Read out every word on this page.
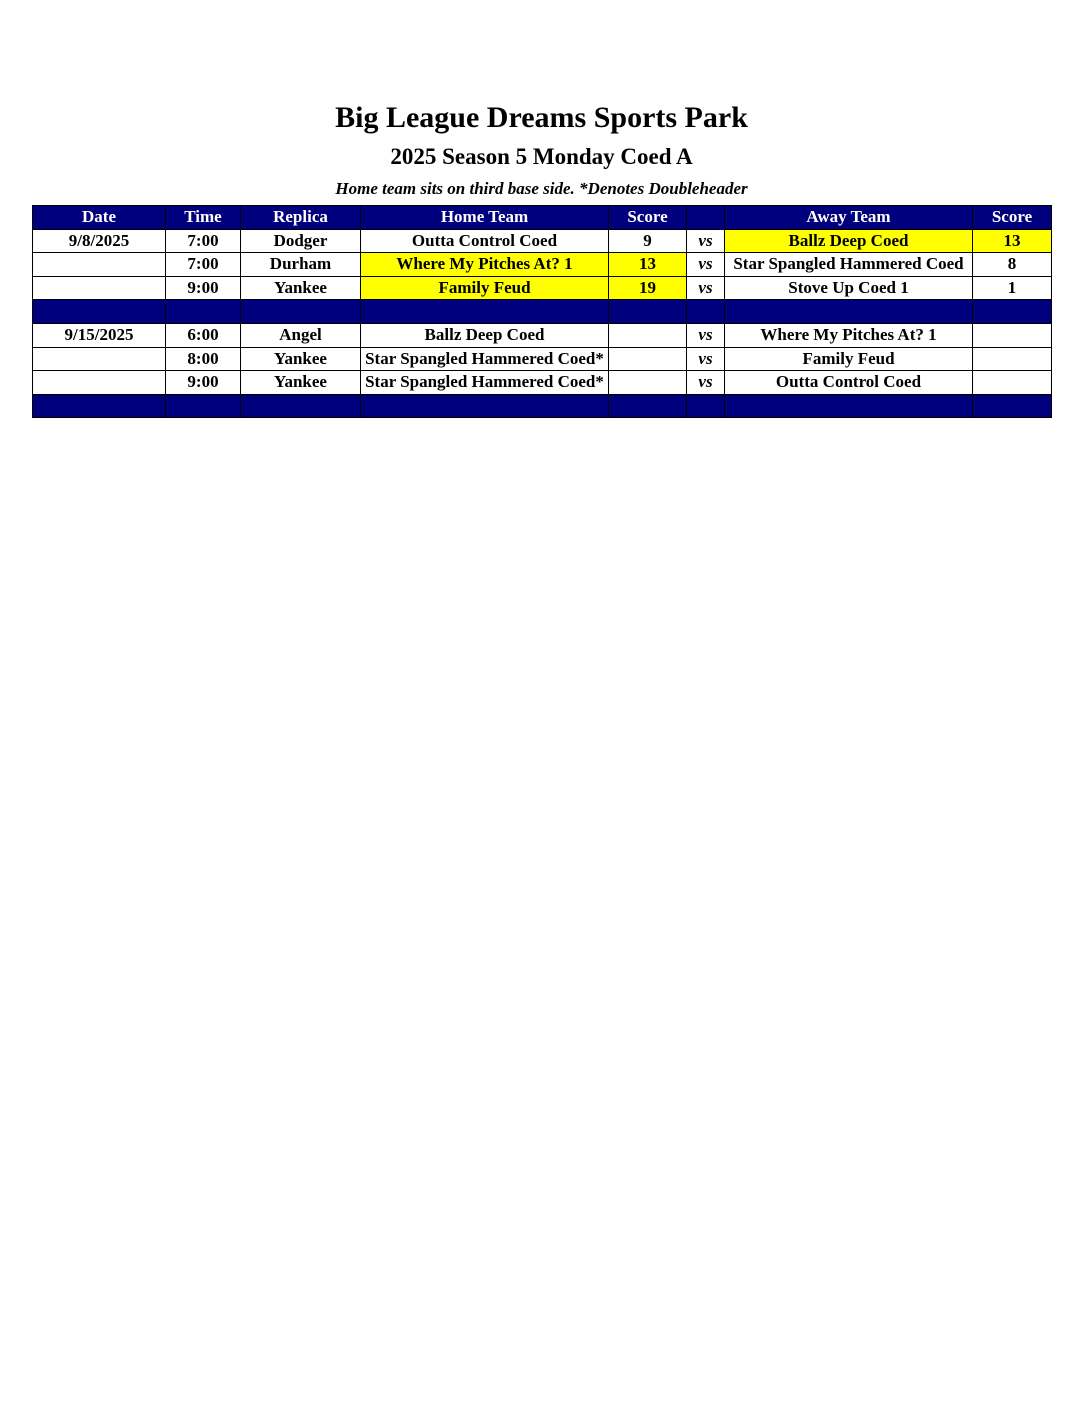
Big League Dreams Sports Park
2025 Season 5 Monday Coed A
Home team sits on third base side. *Denotes Doubleheader
Date	Time	Replica	Home Team	Score		Away Team	Score
9/8/2025	7:00	Dodger	Outta Control Coed	9	vs	Ballz Deep Coed	13
	7:00	Durham	Where My Pitches At? 1	13	vs	Star Spangled Hammered Coed	8
	9:00	Yankee	Family Feud	19	vs	Stove Up Coed 1	1

9/15/2025	6:00	Angel	Ballz Deep Coed		vs	Where My Pitches At? 1	
	8:00	Yankee	Star Spangled Hammered Coed*		vs	Family Feud	
	9:00	Yankee	Star Spangled Hammered Coed*		vs	Outta Control Coed	
